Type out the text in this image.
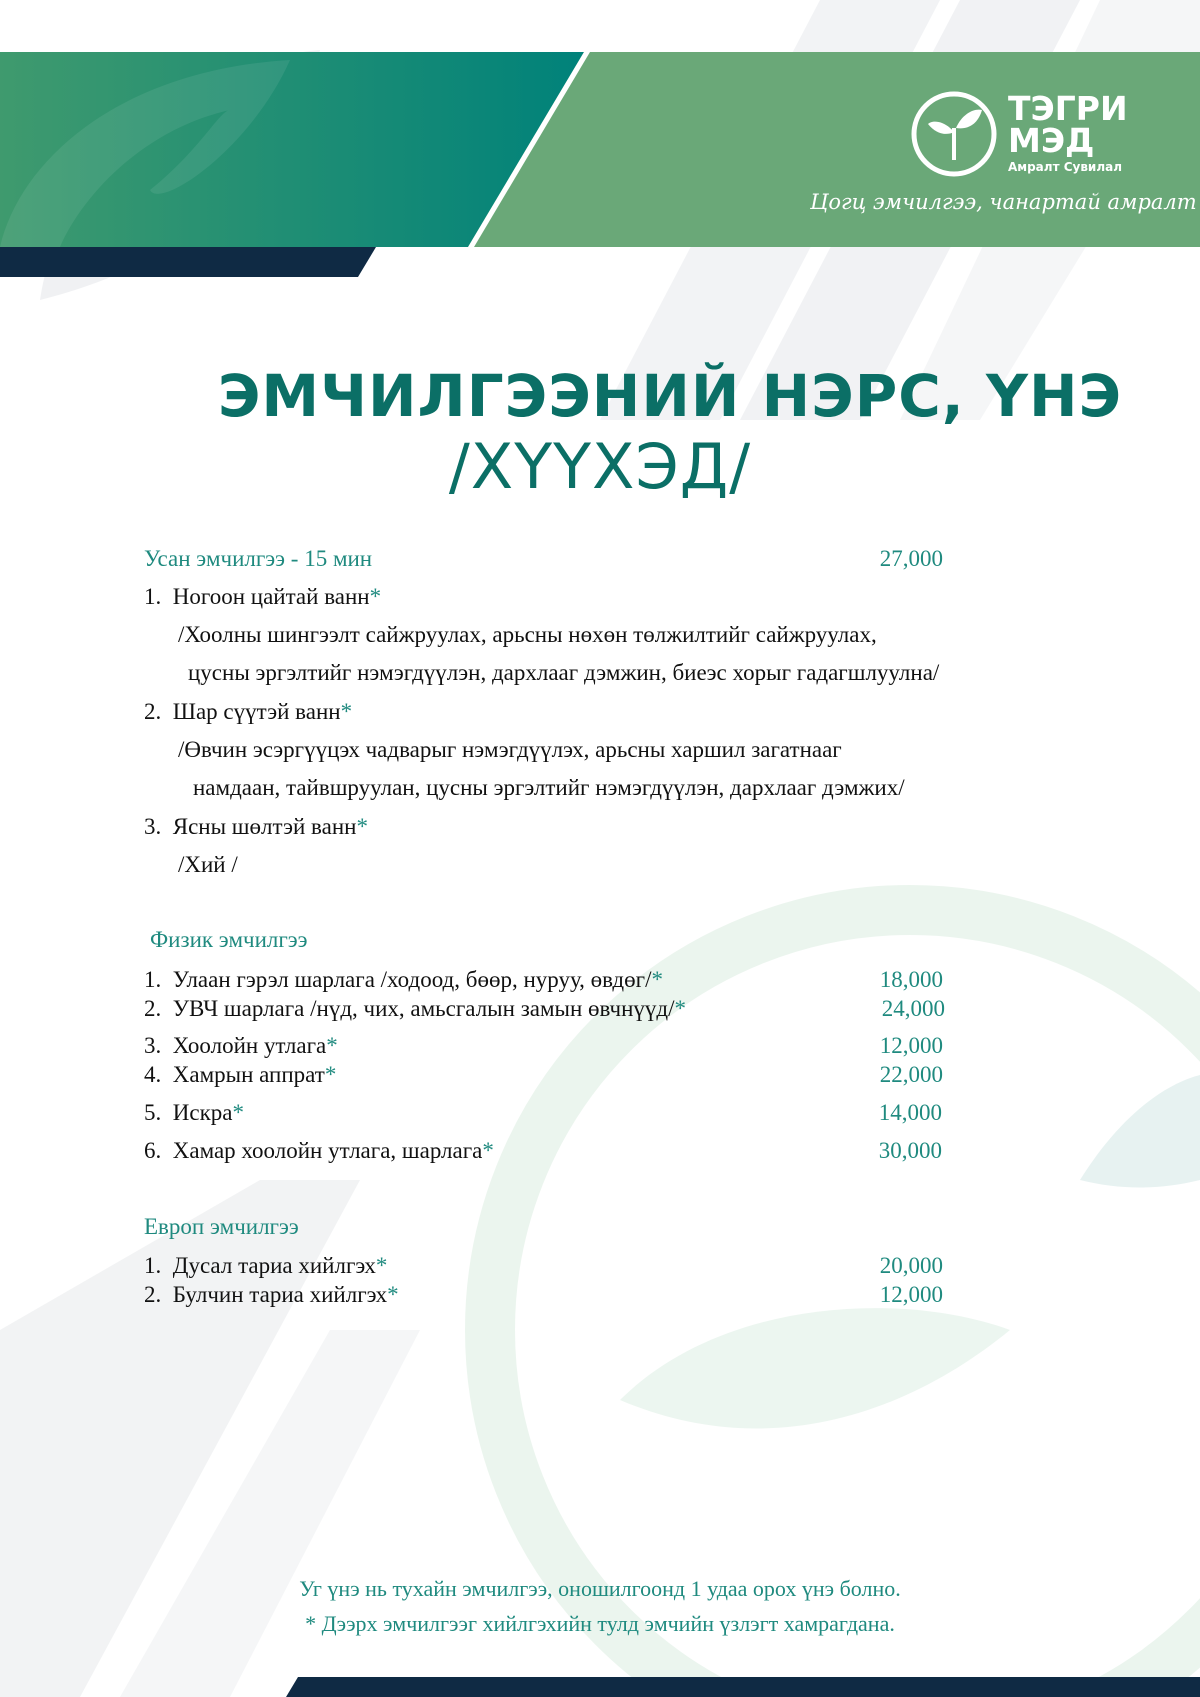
ТЭГРИ
МЭД
Амралт Сувилал
Цогц эмчилгээ, чанартай амралт
ЭМЧИЛГЭЭНИЙ НЭРС, ҮНЭ
/ХҮҮХЭД/
Усан эмчилгээ - 15 мин	27,000
1. Ногоон цайтай ванн*
/Хоолны шингээлт сайжруулах, арьсны нөхөн төлжилтийг сайжруулах,
цусны эргэлтийг нэмэгдүүлэн, дархлааг дэмжин, биеэс хорыг гадагшлуулна/
2. Шар сүүтэй ванн*
/Өвчин эсэргүүцэх чадварыг нэмэгдүүлэх, арьсны харшил загатнааг
намдаан, тайвшруулан, цусны эргэлтийг нэмэгдүүлэн, дархлааг дэмжих/
3. Ясны шөлтэй ванн*
/Хий /
Физик эмчилгээ
1. Улаан гэрэл шарлага /ходоод, бөөр, нуруу, өвдөг/*	18,000
2. УВЧ шарлага /нүд, чих, амьсгалын замын өвчнүүд/*	24,000
3. Хоолойн утлага*	12,000
4. Хамрын аппрат*	22,000
5. Искра*	14,000
6. Хамар хоолойн утлага, шарлага*	30,000
Европ эмчилгээ
1. Дусал тариа хийлгэх*	20,000
2. Булчин тариа хийлгэх*	12,000
Уг үнэ нь тухайн эмчилгээ, оношилгоонд 1 удаа орох үнэ болно.
* Дээрх эмчилгээг хийлгэхийн тулд эмчийн үзлэгт хамрагдана.
